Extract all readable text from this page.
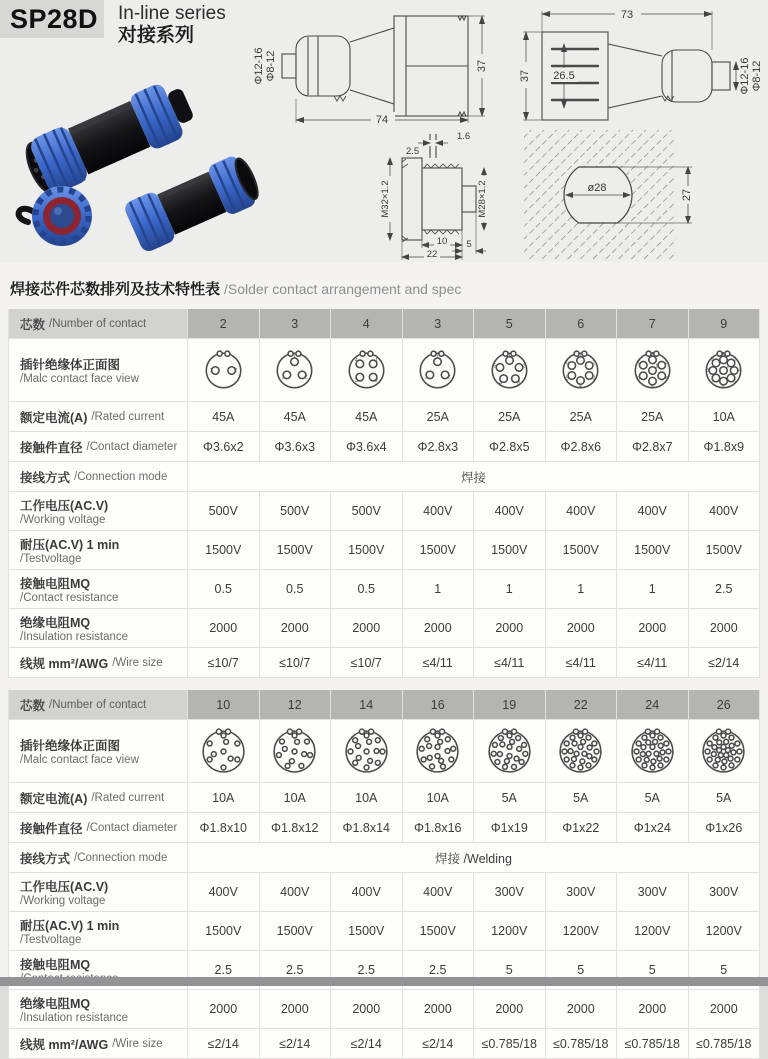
SP28D In-line series
对接系列
74
37
Φ12-16 Φ8-12
73
37 26.5	Φ12-16 Φ8-12
1.6
2.5
M32×1.2	M28×1.2
10 5
22
ø28
27
焊接芯件芯数排列及技术特性表 /Solder contact arrangement and spec
芯数 /Number of contact	2	3	4	3	5	6	7	9
插针绝缘体正面图
/Malc contact face view
1	2
1
2
3
1
2
3
4
1
2
3
1
2
3
4
5
1
2
3
4
5
6
1
2
3
4
5
6
7
1
2
3
4
5
6
7
8
9
额定电流(A) /Rated current	45A	45A	45A	25A	25A	25A	25A	10A
接触件直径 /Contact diameter	Φ3.6x2	Φ3.6x3	Φ3.6x4	Φ2.8x3	Φ2.8x5	Φ2.8x6	Φ2.8x7	Φ1.8x9
接线方式 /Connection mode	焊接
工作电压(AC.V)
/Working voltage
500V	500V	500V	400V	400V	400V	400V	400V
耐压(AC.V) 1 min
/Testvoltage
1500V	1500V	1500V	1500V	1500V	1500V	1500V	1500V
接触电阻MQ
/Contact resistance
0.5	0.5	0.5	1	1	1	1	2.5
绝缘电阻MQ
/Insulation resistance
2000	2000	2000	2000	2000	2000	2000	2000
线规 mm²/AWG /Wire size	≤10/7	≤10/7	≤10/7	≤4/11	≤4/11	≤4/11	≤4/11	≤2/14
芯数 /Number of contact	10	12	14	16	19	22	24	26
插针绝缘体正面图
/Malc contact face view
额定电流(A) /Rated current	10A	10A	10A	10A	5A	5A	5A	5A
接触件直径 /Contact diameter	Φ1.8x10	Φ1.8x12	Φ1.8x14	Φ1.8x16	Φ1x19	Φ1x22	Φ1x24	Φ1x26
接线方式 /Connection mode	焊接 /Welding
工作电压(AC.V)
/Working voltage
400V	400V	400V	400V	300V	300V	300V	300V
耐压(AC.V) 1 min
/Testvoltage
1500V	1500V	1500V	1500V	1200V	1200V	1200V	1200V
接触电阻MQ	2.5	2.5	2.5	2.5	5	5	5	5
绝缘电阻MQ
/Insulation resistance
2000	2000	2000	2000	2000	2000	2000	2000
线规 mm²/AWG /Wire size	≤2/14	≤2/14	≤2/14	≤2/14	≤0.785/18	≤0.785/18	≤0.785/18	≤0.785/18
